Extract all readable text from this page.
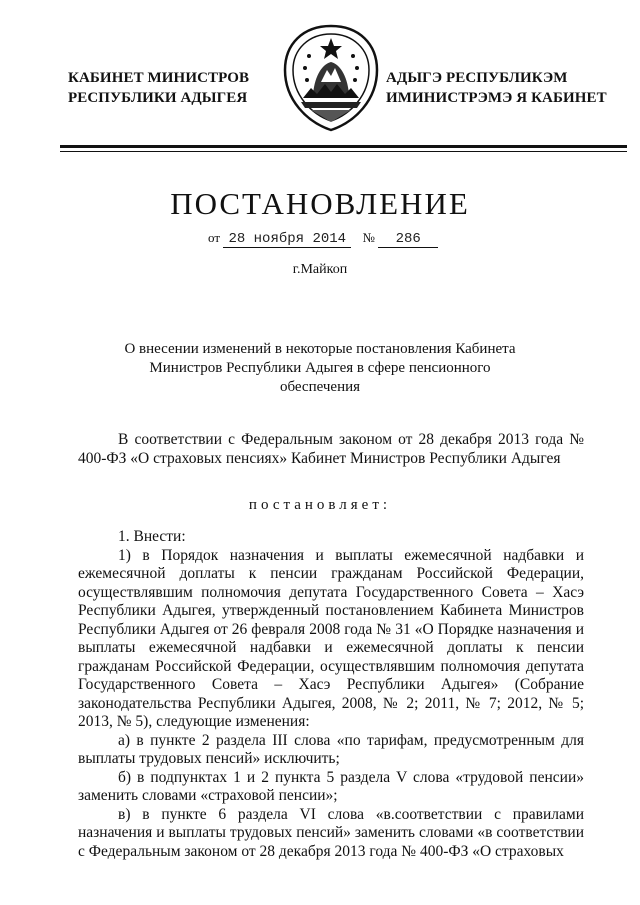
КАБИНЕТ МИНИСТРОВ
РЕСПУБЛИКИ АДЫГЕЯ
АДЫГЭ РЕСПУБЛИКЭМ
ИМИНИСТРЭМЭ Я КАБИНЕТ
ПОСТАНОВЛЕНИЕ
от 28 ноября 2014 № 286
г.Майкоп
О внесении изменений в некоторые постановления Кабинета Министров Республики Адыгея в сфере пенсионного обеспечения
В соответствии с Федеральным законом от 28 декабря 2013 года № 400-ФЗ «О страховых пенсиях» Кабинет Министров Республики Адыгея
постановляет:

1. Внести:

1) в Порядок назначения и выплаты ежемесячной надбавки и ежемесячной доплаты к пенсии гражданам Российской Федерации, осуществлявшим полномочия депутата Государственного Совета – Хасэ Республики Адыгея, утвержденный постановлением Кабинета Министров Республики Адыгея от 26 февраля 2008 года № 31 «О Порядке назначения и выплаты ежемесячной надбавки и ежемесячной доплаты к пенсии гражданам Российской Федерации, осуществлявшим полномочия депутата Государственного Совета – Хасэ Республики Адыгея» (Собрание законодательства Республики Адыгея, 2008, № 2; 2011, № 7; 2012, № 5; 2013, № 5), следующие изменения:

а) в пункте 2 раздела III слова «по тарифам, предусмотренным для выплаты трудовых пенсий» исключить;

б) в подпунктах 1 и 2 пункта 5 раздела V слова «трудовой пенсии» заменить словами «страховой пенсии»;

в) в пункте 6 раздела VI слова «в.соответствии с правилами назначения и выплаты трудовых пенсий» заменить словами «в соответствии с Федеральным законом от 28 декабря 2013 года № 400-ФЗ «О страховых
